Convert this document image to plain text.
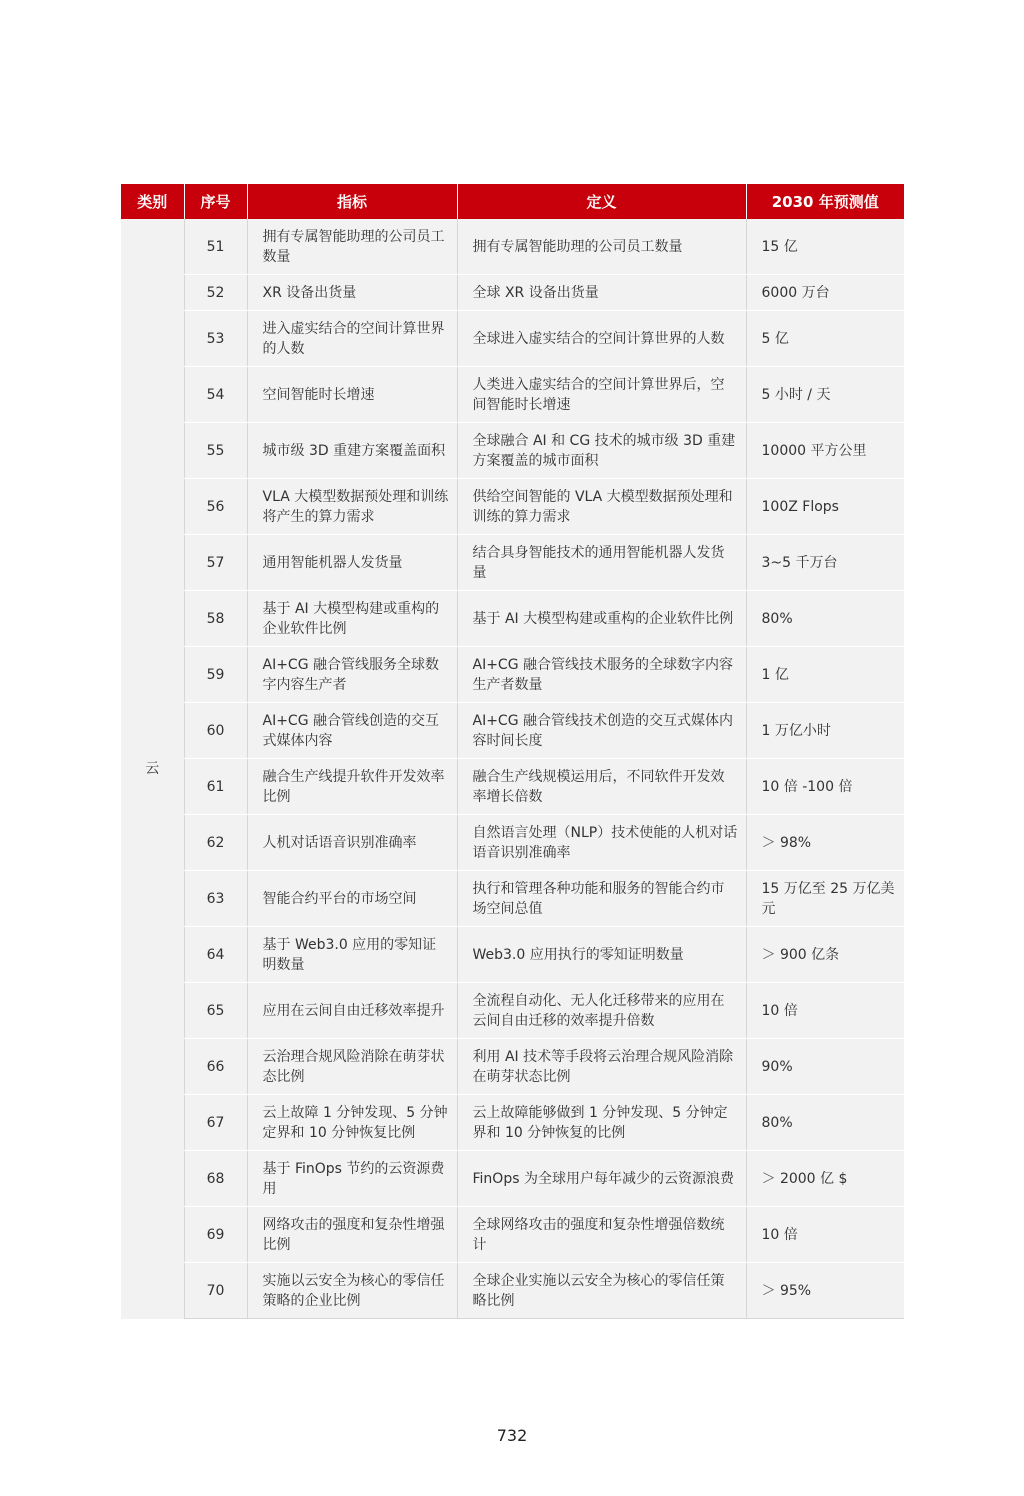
类别	序号	指标	定义	2030 年预测值
云	51	拥有专属智能助理的公司员工数量	拥有专属智能助理的公司员工数量	15 亿
	52	XR 设备出货量	全球 XR 设备出货量	6000 万台
	53	进入虚实结合的空间计算世界的人数	全球进入虚实结合的空间计算世界的人数	5 亿
	54	空间智能时长增速	人类进入虚实结合的空间计算世界后，空间智能时长增速	5 小时 / 天
	55	城市级 3D 重建方案覆盖面积	全球融合 AI 和 CG 技术的城市级 3D 重建方案覆盖的城市面积	10000 平方公里
	56	VLA 大模型数据预处理和训练将产生的算力需求	供给空间智能的 VLA 大模型数据预处理和训练的算力需求	100Z Flops
	57	通用智能机器人发货量	结合具身智能技术的通用智能机器人发货量	3~5 千万台
	58	基于 AI 大模型构建或重构的企业软件比例	基于 AI 大模型构建或重构的企业软件比例	80%
	59	AI+CG 融合管线服务全球数字内容生产者	AI+CG 融合管线技术服务的全球数字内容生产者数量	1 亿
	60	AI+CG 融合管线创造的交互式媒体内容	AI+CG 融合管线技术创造的交互式媒体内容时间长度	1 万亿小时
	61	融合生产线提升软件开发效率比例	融合生产线规模运用后，不同软件开发效率增长倍数	10 倍 -100 倍
	62	人机对话语音识别准确率	自然语言处理（NLP）技术使能的人机对话语音识别准确率	＞ 98%
	63	智能合约平台的市场空间	执行和管理各种功能和服务的智能合约市场空间总值	15 万亿至 25 万亿美元
	64	基于 Web3.0 应用的零知证明数量	Web3.0 应用执行的零知证明数量	＞ 900 亿条
	65	应用在云间自由迁移效率提升	全流程自动化、无人化迁移带来的应用在云间自由迁移的效率提升倍数	10 倍
	66	云治理合规风险消除在萌芽状态比例	利用 AI 技术等手段将云治理合规风险消除在萌芽状态比例	90%
	67	云上故障 1 分钟发现、5 分钟定界和 10 分钟恢复比例	云上故障能够做到 1 分钟发现、5 分钟定界和 10 分钟恢复的比例	80%
	68	基于 FinOps 节约的云资源费用	FinOps 为全球用户每年减少的云资源浪费	＞ 2000 亿 $
	69	网络攻击的强度和复杂性增强比例	全球网络攻击的强度和复杂性增强倍数统计	10 倍
	70	实施以云安全为核心的零信任策略的企业比例	全球企业实施以云安全为核心的零信任策略比例	＞ 95%
732
